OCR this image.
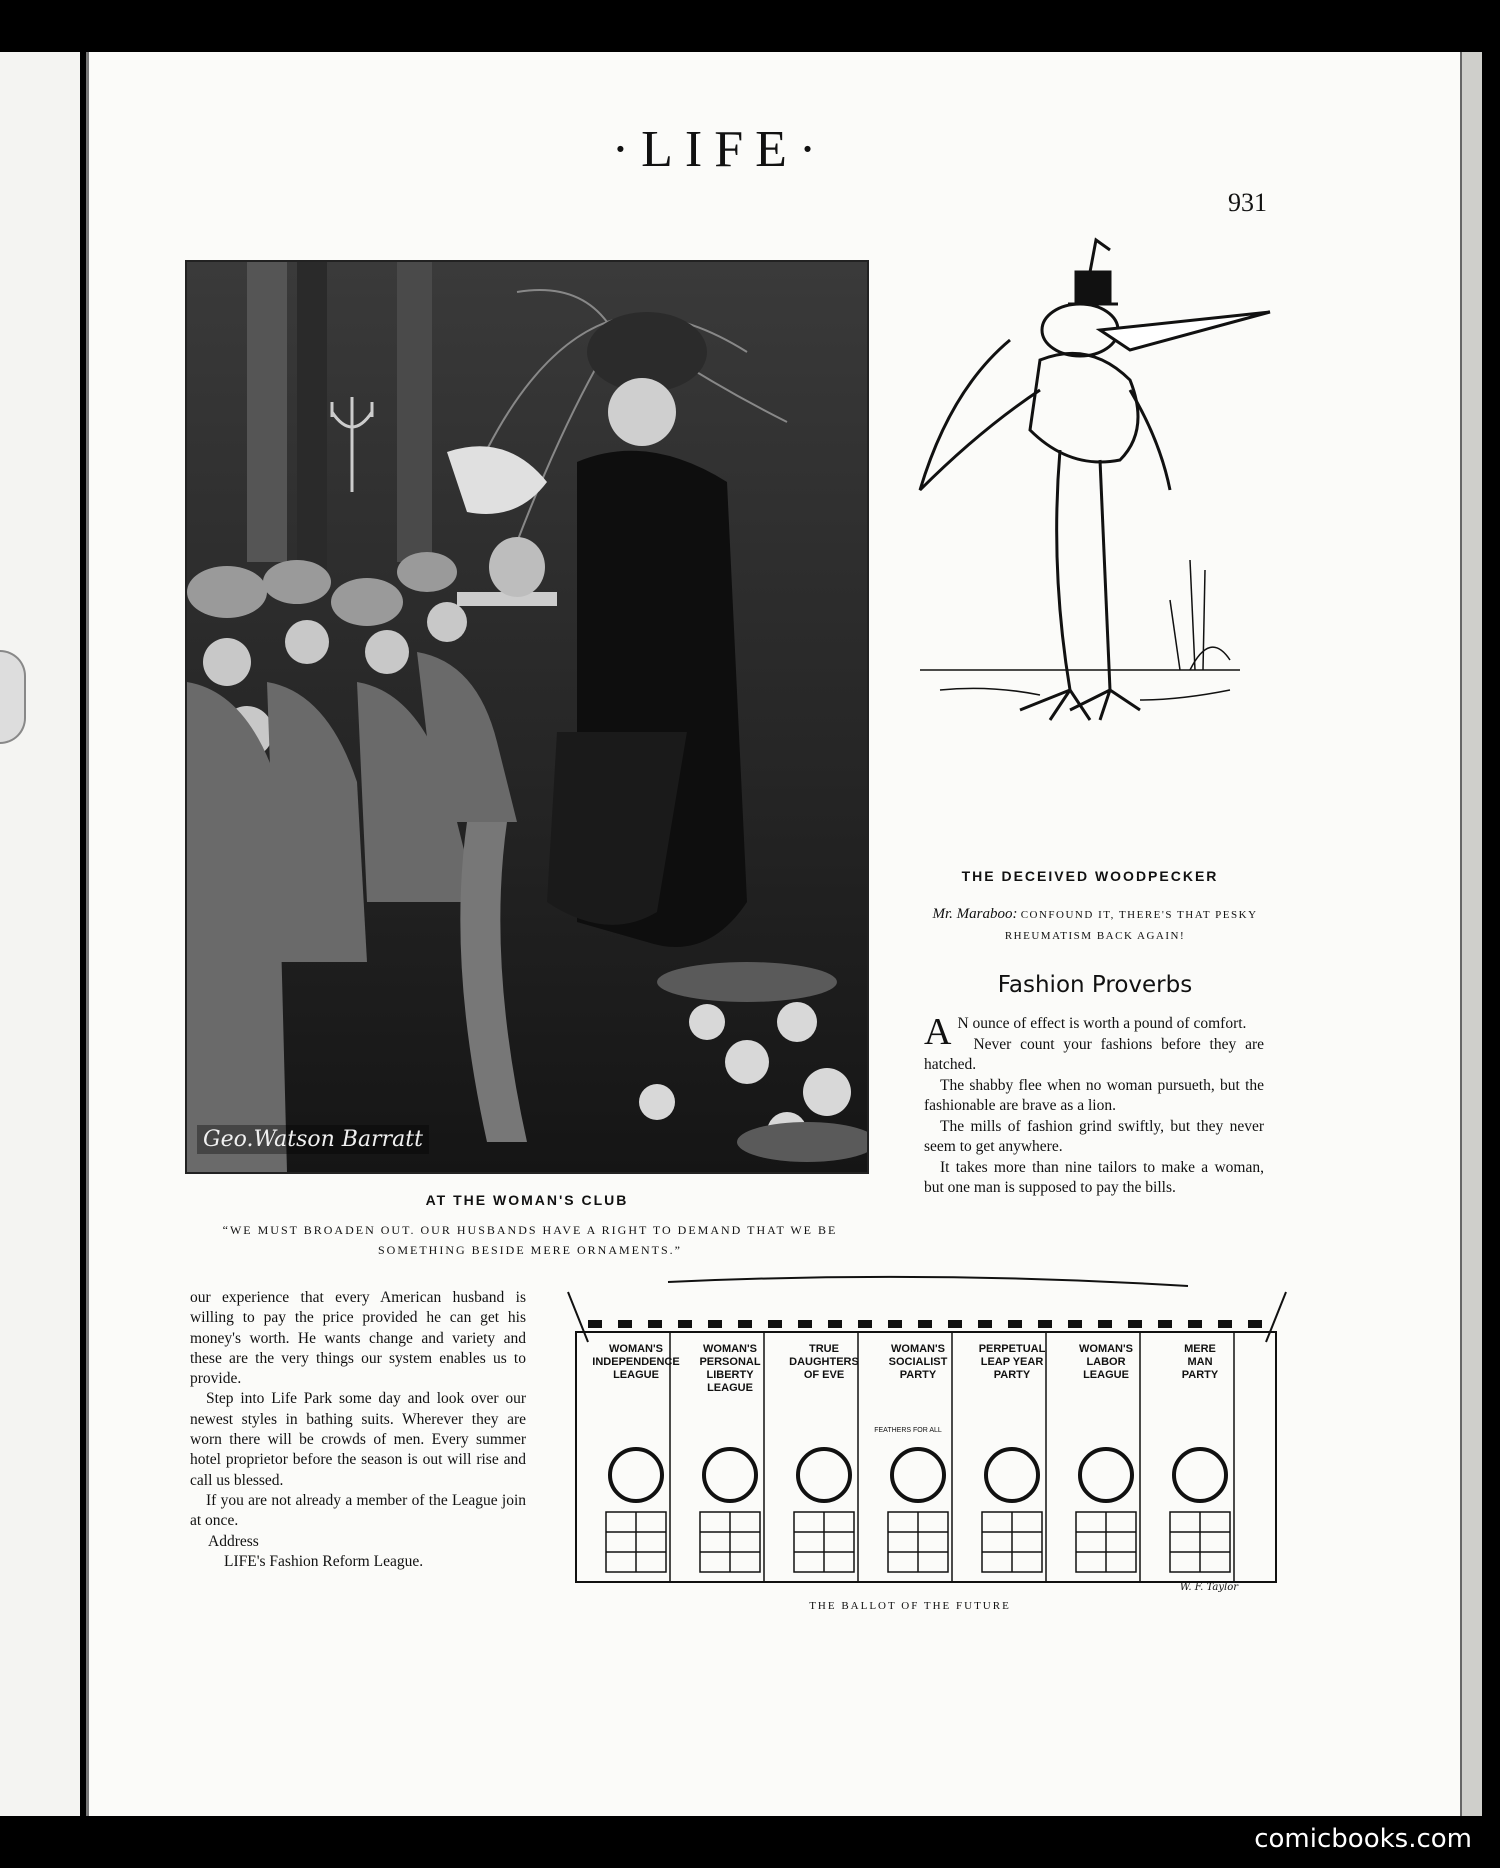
·LIFE·
931
Geo.Watson Barratt
AT THE WOMAN'S CLUB
“WE MUST BROADEN OUT. OUR HUSBANDS HAVE A RIGHT TO DEMAND THAT WE BE SOMETHING BESIDE MERE ORNAMENTS.”
THE DECEIVED WOODPECKER
Mr. Maraboo: CONFOUND IT, THERE'S THAT PESKY RHEUMATISM BACK AGAIN!
Fashion Proverbs

A N ounce of effect is worth a pound of comfort.

Never count your fashions before they are hatched.

The shabby flee when no woman pursueth, but the fashionable are brave as a lion.

The mills of fashion grind swiftly, but they never seem to get anywhere.

It takes more than nine tailors to make a woman, but one man is supposed to pay the bills.

our experience that every American husband is willing to pay the price provided he can get his money's worth. He wants change and variety and these are the very things our system enables us to provide.

Step into Life Park some day and look over our newest styles in bathing suits. Wherever they are worn there will be crowds of men. Every summer hotel proprietor before the season is out will rise and call us blessed.

If you are not already a member of the League join at once.

Address

LIFE's Fashion Reform League.

WOMAN'S
INDEPENDENCE
LEAGUE
WOMAN'S
PERSONAL
LIBERTY
LEAGUE
TRUE
DAUGHTERS
OF EVE
WOMAN'S
SOCIALIST
PARTY
PERPETUAL
LEAP YEAR
PARTY
WOMAN'S
LABOR
LEAGUE
MERE
MAN
PARTY
FEATHERS FOR ALL
W. F. Taylor
THE BALLOT OF THE FUTURE
comicbooks.com
